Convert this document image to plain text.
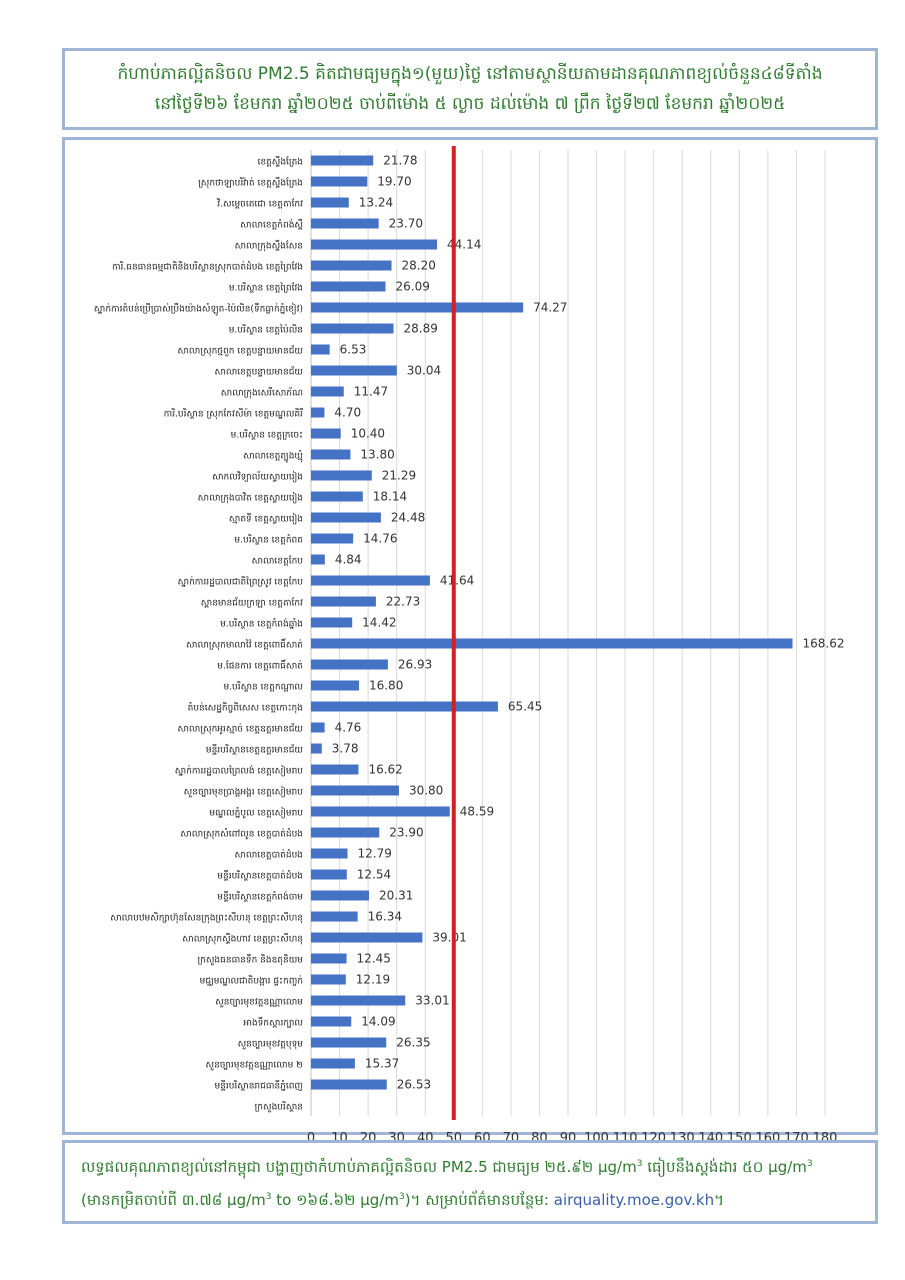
កំហាប់ភាគល្អិតនិចល PM2.5 គិតជាមធ្យមក្នុង១(មួយ)ថ្ងៃ នៅតាមស្ថានីយតាមដានគុណភាពខ្យល់ចំនួន៤៨ទីតាំង
នៅថ្ងៃទី២៦ ខែមករា ឆ្នាំ២០២៥ ចាប់ពីម៉ោង ៥ ល្ងាច ដល់ម៉ោង ៧ ព្រឹក ថ្ងៃទី២៧ ខែមករា ឆ្នាំ២០២៥
0 10 20 30 40 50 60 70 80 90 100 110 120 130 140 150 160 170 180
ខេត្តស្ទឹងត្រែង	21.78
ស្រុកថាឡាបរិវ៉ាត់ ខេត្តស្ទឹងត្រែង	19.70
វិ.សម្តេចតេជោ ខេត្តតាកែវ	13.24
សាលាខេត្តកំពង់ស្ពឺ	23.70
សាលាក្រុងស្ទឹងសែន	44.14
ការិ.ធនធានធម្មជាតិនិងបរិស្ថានស្រុកបាត់ដំបង ខេត្តព្រៃវែង	28.20
ម.បរិស្ថាន ខេត្តព្រៃវែង	26.09
ស្នាក់ការតំបន់ប្រើប្រាស់ប្រឹងយ៉ាងសំឡូត-ប៉ៃលិន(ទឹកធ្លាក់ភ្នំខៀវ)	74.27
ម.បរិស្ថាន ខេត្តប៉ៃលិន	28.89
សាលាស្រុកថ្មពួក ខេត្តបន្ទាយមានជ័យ	6.53
សាលាខេត្តបន្ទាយមានជ័យ	30.04
សាលាក្រុងសេរីសោភ័ណ	11.47
ការិ.បរិស្ថាន ស្រុកកែវសីម៉ា ខេត្តមណ្ឌលគិរី	4.70
ម.បរិស្ថាន ខេត្តក្រចេះ	10.40
សាលាខេត្តត្បូងឃ្មុំ	13.80
សាកលវិទ្យាល័យស្វាយរៀង	21.29
សាលាក្រុងបាវិត ខេត្តស្វាយរៀង	18.14
ស្មាតទី ខេត្តស្វាយរៀង	24.48
ម.បរិស្ថាន ខេត្តកំពត	14.76
សាលាខេត្តកែប	4.84
ស្នាក់ការរដ្ឋបាលជាតិព្រៃស្រូវ ខេត្តកែប	41.64
ស្ពានមានជ័យក្រឡា ខេត្តតាកែវ	22.73
ម.បរិស្ថាន ខេត្តកំពង់ឆ្នាំង	14.42
សាលាស្រុកមាលាវ៉ៃ ខេត្តពោធិ៍សាត់	168.62
ម.ផែនការ ខេត្តពោធិ៍សាត់	26.93
ម.បរិស្ថាន ខេត្តកណ្តាល	16.80
តំបន់សេដ្ឋកិច្ចពិសេស ខេត្តកោះកុង	65.45
សាលាស្រុកអូរស្មាច់ ខេត្តឧត្តរមានជ័យ	4.76
មន្ទីរបរិស្ថានខេត្តឧត្តរមានជ័យ 3.78
ស្នាក់ការរដ្ឋបាលព្រៃលង់ ខេត្តសៀមរាប	16.62
សួនច្បារមុខប្រាង្គអង្គរ ខេត្តសៀមរាប	30.80
មណ្ឌលភ្នំបូល ខេត្តសៀមរាប	48.59
សាលាស្រុកសំពៅលូន ខេត្តបាត់ដំបង	23.90
សាលាខេត្តបាត់ដំបង	12.79
មន្ទីរបរិស្ថានខេត្តបាត់ដំបង	12.54
មន្ទីរបរិស្ថានខេត្តកំពង់ចាម	20.31
សាលាបឋមសិក្សាហ៊ុនសែនក្រុងព្រះសីហនុ ខេត្តព្រះសីហនុ	16.34
សាលាស្រុកស្ទឹងហាវ ខេត្តព្រះសីហនុ	39.01
ក្រសួងធនធានទឹក និងឧតុនិយម	12.45
មជ្ឈមណ្ឌលជាតិបង្ការ ផ្ទះកញ្ចក់	12.19
សួនច្បារមុខវត្តឧណ្ណាលោម	33.01
អាងទឹកស្តារក្បាល	14.09
សួនច្បារមុខវត្តបុទុម	26.35
សួនច្បារមុខវត្តឧណ្ណាលោម ២	15.37
មន្ទីរបរិស្ថានរាជធានីភ្នំពេញ	26.53
ក្រសួងបរិស្ថាន
លទ្ធផលគុណភាពខ្យល់នៅកម្ពុជា បង្ហាញថាកំហាប់ភាគល្អិតនិចល PM2.5 ជាមធ្យម ២៥.៩២ $\mu g/m^3$ ធៀបនឹងស្តង់ដារ ៥០ $\mu g/m^3$
(មានកម្រិតចាប់ពី ៣.៧៨ $\mu g/m^3$ to ១៦៨.៦២ $\mu g/m^3$)។ សម្រាប់ព័ត៌មានបន្ថែម: airquality.moe.gov.kh។
